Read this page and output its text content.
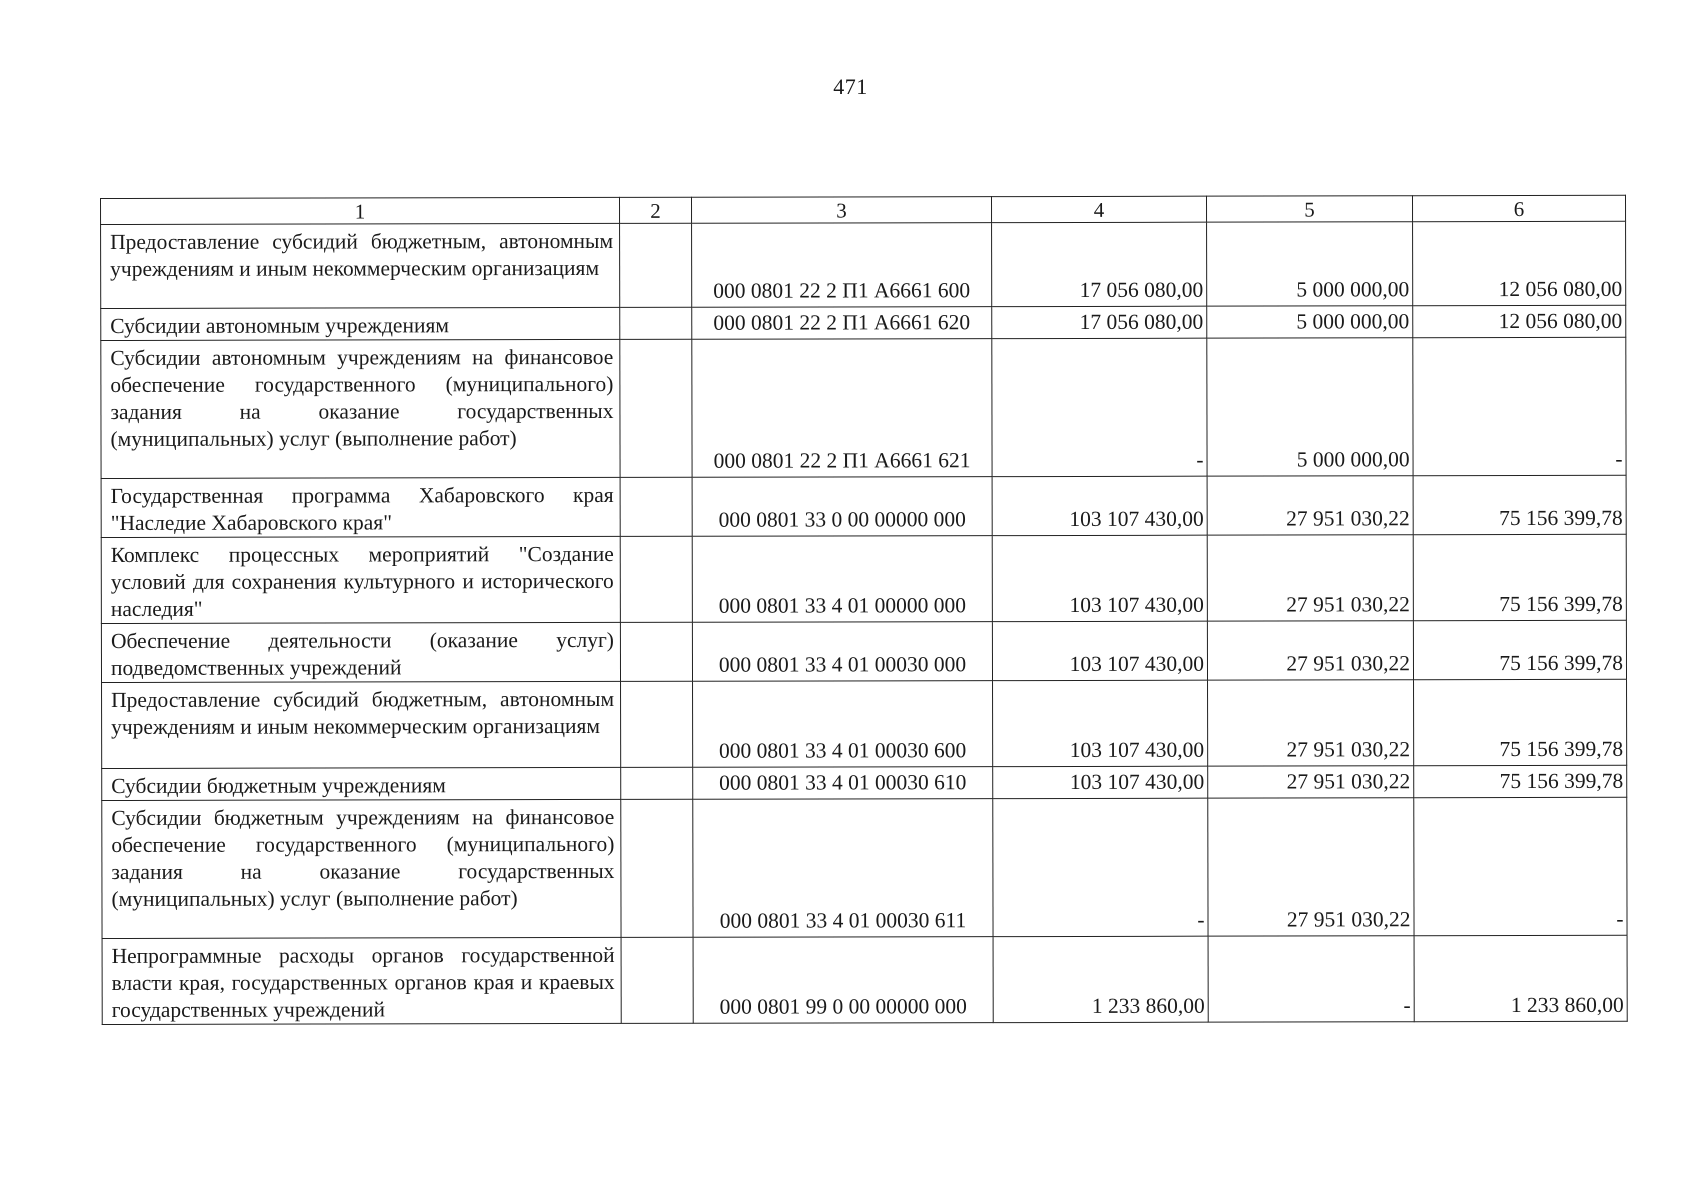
471
1	2	3	4	5	6
Предоставление субсидий бюджетным, автономным учреждениям и иным некоммерческим организациям		000 0801 22 2 П1 А6661 600	17 056 080,00	5 000 000,00	12 056 080,00
Субсидии автономным учреждениям		000 0801 22 2 П1 А6661 620	17 056 080,00	5 000 000,00	12 056 080,00
Субсидии автономным учреждениям на финансовое обеспечение государственного (муниципального) задания на оказание государственных (муниципальных) услуг (выполнение работ)		000 0801 22 2 П1 А6661 621	-	5 000 000,00	-
Государственная программа Хабаровского края "Наследие Хабаровского края"		000 0801 33 0 00 00000 000	103 107 430,00	27 951 030,22	75 156 399,78
Комплекс процессных мероприятий "Создание условий для сохранения культурного и исторического наследия"		000 0801 33 4 01 00000 000	103 107 430,00	27 951 030,22	75 156 399,78
Обеспечение деятельности (оказание услуг) подведомственных учреждений		000 0801 33 4 01 00030 000	103 107 430,00	27 951 030,22	75 156 399,78
Предоставление субсидий бюджетным, автономным учреждениям и иным некоммерческим организациям		000 0801 33 4 01 00030 600	103 107 430,00	27 951 030,22	75 156 399,78
Субсидии бюджетным учреждениям		000 0801 33 4 01 00030 610	103 107 430,00	27 951 030,22	75 156 399,78
Субсидии бюджетным учреждениям на финансовое обеспечение государственного (муниципального) задания на оказание государственных (муниципальных) услуг (выполнение работ)		000 0801 33 4 01 00030 611	-	27 951 030,22	-
Непрограммные расходы органов государственной власти края, государственных органов края и краевых государственных учреждений		000 0801 99 0 00 00000 000	1 233 860,00	-	1 233 860,00
